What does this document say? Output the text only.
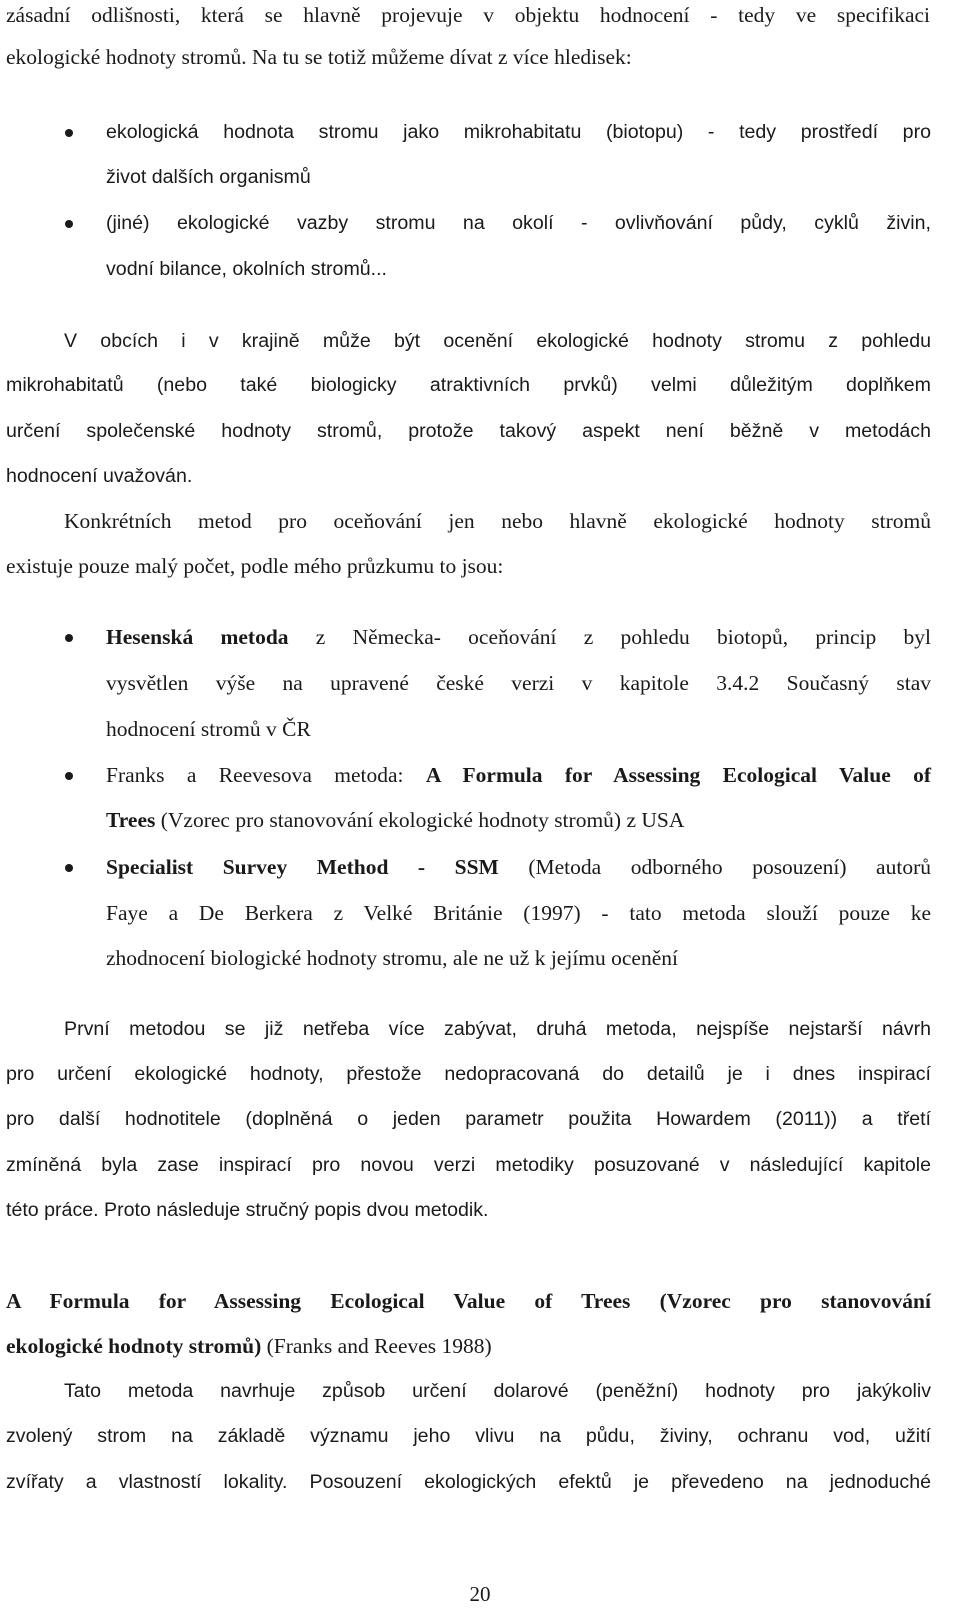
zásadní odlišnosti, která se hlavně projevuje v objektu hodnocení - tedy ve specifikaci

ekologické hodnoty stromů. Na tu se totiž můžeme dívat z více hledisek:

ekologická hodnota stromu jako mikrohabitatu (biotopu) - tedy prostředí pro

život dalších organismů

(jiné) ekologické vazby stromu na okolí - ovlivňování půdy, cyklů živin,

vodní bilance, okolních stromů...

V obcích i v krajině může být ocenění ekologické hodnoty stromu z pohledu

mikrohabitatů (nebo také biologicky atraktivních prvků) velmi důležitým doplňkem

určení společenské hodnoty stromů, protože takový aspekt není běžně v metodách

hodnocení uvažován.

Konkrétních metod pro oceňování jen nebo hlavně ekologické hodnoty stromů

existuje pouze malý počet, podle mého průzkumu to jsou:

Hesenská metoda z Německa- oceňování z pohledu biotopů, princip byl

vysvětlen výše na upravené české verzi v kapitole 3.4.2 Současný stav

hodnocení stromů v ČR

Franks a Reevesova metoda: A Formula for Assessing Ecological Value of

Trees (Vzorec pro stanovování ekologické hodnoty stromů) z USA

Specialist Survey Method - SSM (Metoda odborného posouzení) autorů

Faye a De Berkera z Velké Británie (1997) - tato metoda slouží pouze ke

zhodnocení biologické hodnoty stromu, ale ne už k jejímu ocenění

První metodou se již netřeba více zabývat, druhá metoda, nejspíše nejstarší návrh

pro určení ekologické hodnoty, přestože nedopracovaná do detailů je i dnes inspirací

pro další hodnotitele (doplněná o jeden parametr použita Howardem (2011)) a třetí

zmíněná byla zase inspirací pro novou verzi metodiky posuzované v následující kapitole

této práce. Proto následuje stručný popis dvou metodik.

A Formula for Assessing Ecological Value of Trees (Vzorec pro stanovování

ekologické hodnoty stromů) (Franks and Reeves 1988)

Tato metoda navrhuje způsob určení dolarové (peněžní) hodnoty pro jakýkoliv

zvolený strom na základě významu jeho vlivu na půdu, živiny, ochranu vod, užití

zvířaty a vlastností lokality. Posouzení ekologických efektů je převedeno na jednoduché

20
